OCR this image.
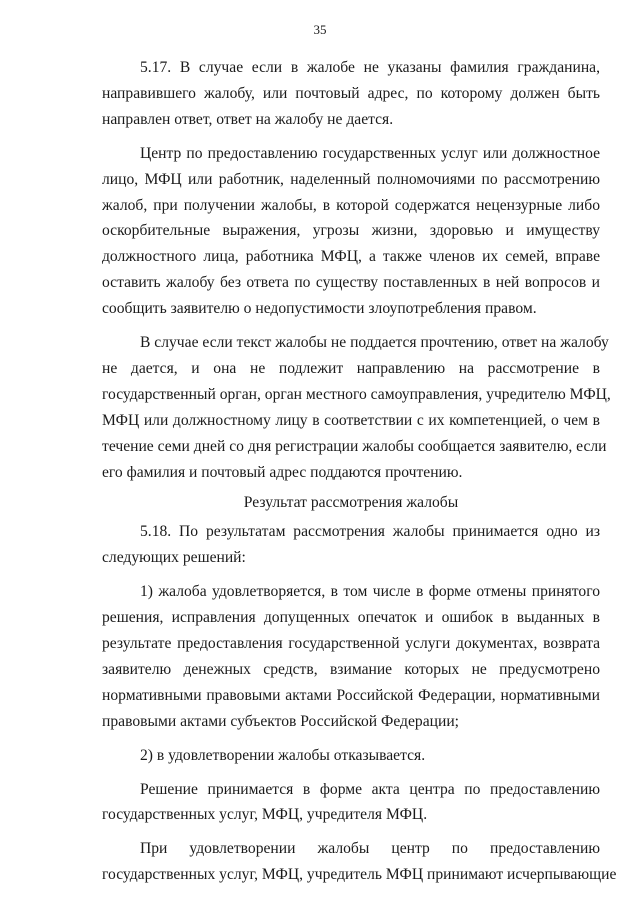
35
5.17. В случае если в жалобе не указаны фамилия гражданина,
направившего жалобу, или почтовый адрес, по которому должен быть
направлен ответ, ответ на жалобу не дается.
Центр по предоставлению государственных услуг или должностное
лицо, МФЦ или работник, наделенный полномочиями по рассмотрению
жалоб, при получении жалобы, в которой содержатся нецензурные либо
оскорбительные выражения, угрозы жизни, здоровью и имуществу
должностного лица, работника МФЦ, а также членов их семей, вправе
оставить жалобу без ответа по существу поставленных в ней вопросов и
сообщить заявителю о недопустимости злоупотребления правом.
В случае если текст жалобы не поддается прочтению, ответ на жалобу
не дается, и она не подлежит направлению на рассмотрение в
государственный орган, орган местного самоуправления, учредителю МФЦ,
МФЦ или должностному лицу в соответствии с их компетенцией, о чем в
течение семи дней со дня регистрации жалобы сообщается заявителю, если
его фамилия и почтовый адрес поддаются прочтению.
Результат рассмотрения жалобы
5.18. По результатам рассмотрения жалобы принимается одно из
следующих решений:
1) жалоба удовлетворяется, в том числе в форме отмены принятого
решения, исправления допущенных опечаток и ошибок в выданных в
результате предоставления государственной услуги документах, возврата
заявителю денежных средств, взимание которых не предусмотрено
нормативными правовыми актами Российской Федерации, нормативными
правовыми актами субъектов Российской Федерации;
2) в удовлетворении жалобы отказывается.
Решение принимается в форме акта центра по предоставлению
государственных услуг, МФЦ, учредителя МФЦ.
При удовлетворении жалобы центр по предоставлению
государственных услуг, МФЦ, учредитель МФЦ принимают исчерпывающие
